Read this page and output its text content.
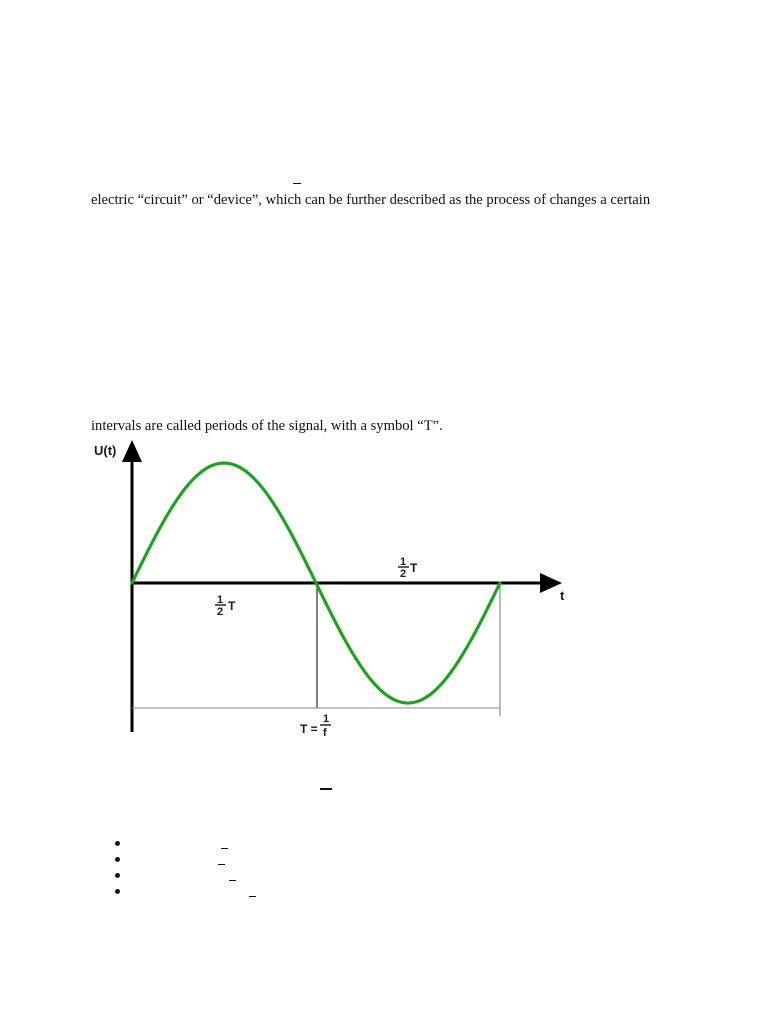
electric “circuit” or “device”, which can be further described as the process of changes a certain
intervals are called periods of the signal, with a symbol “T”.
U(t)
t
1
2 T
1
2 T
T =
1
f
